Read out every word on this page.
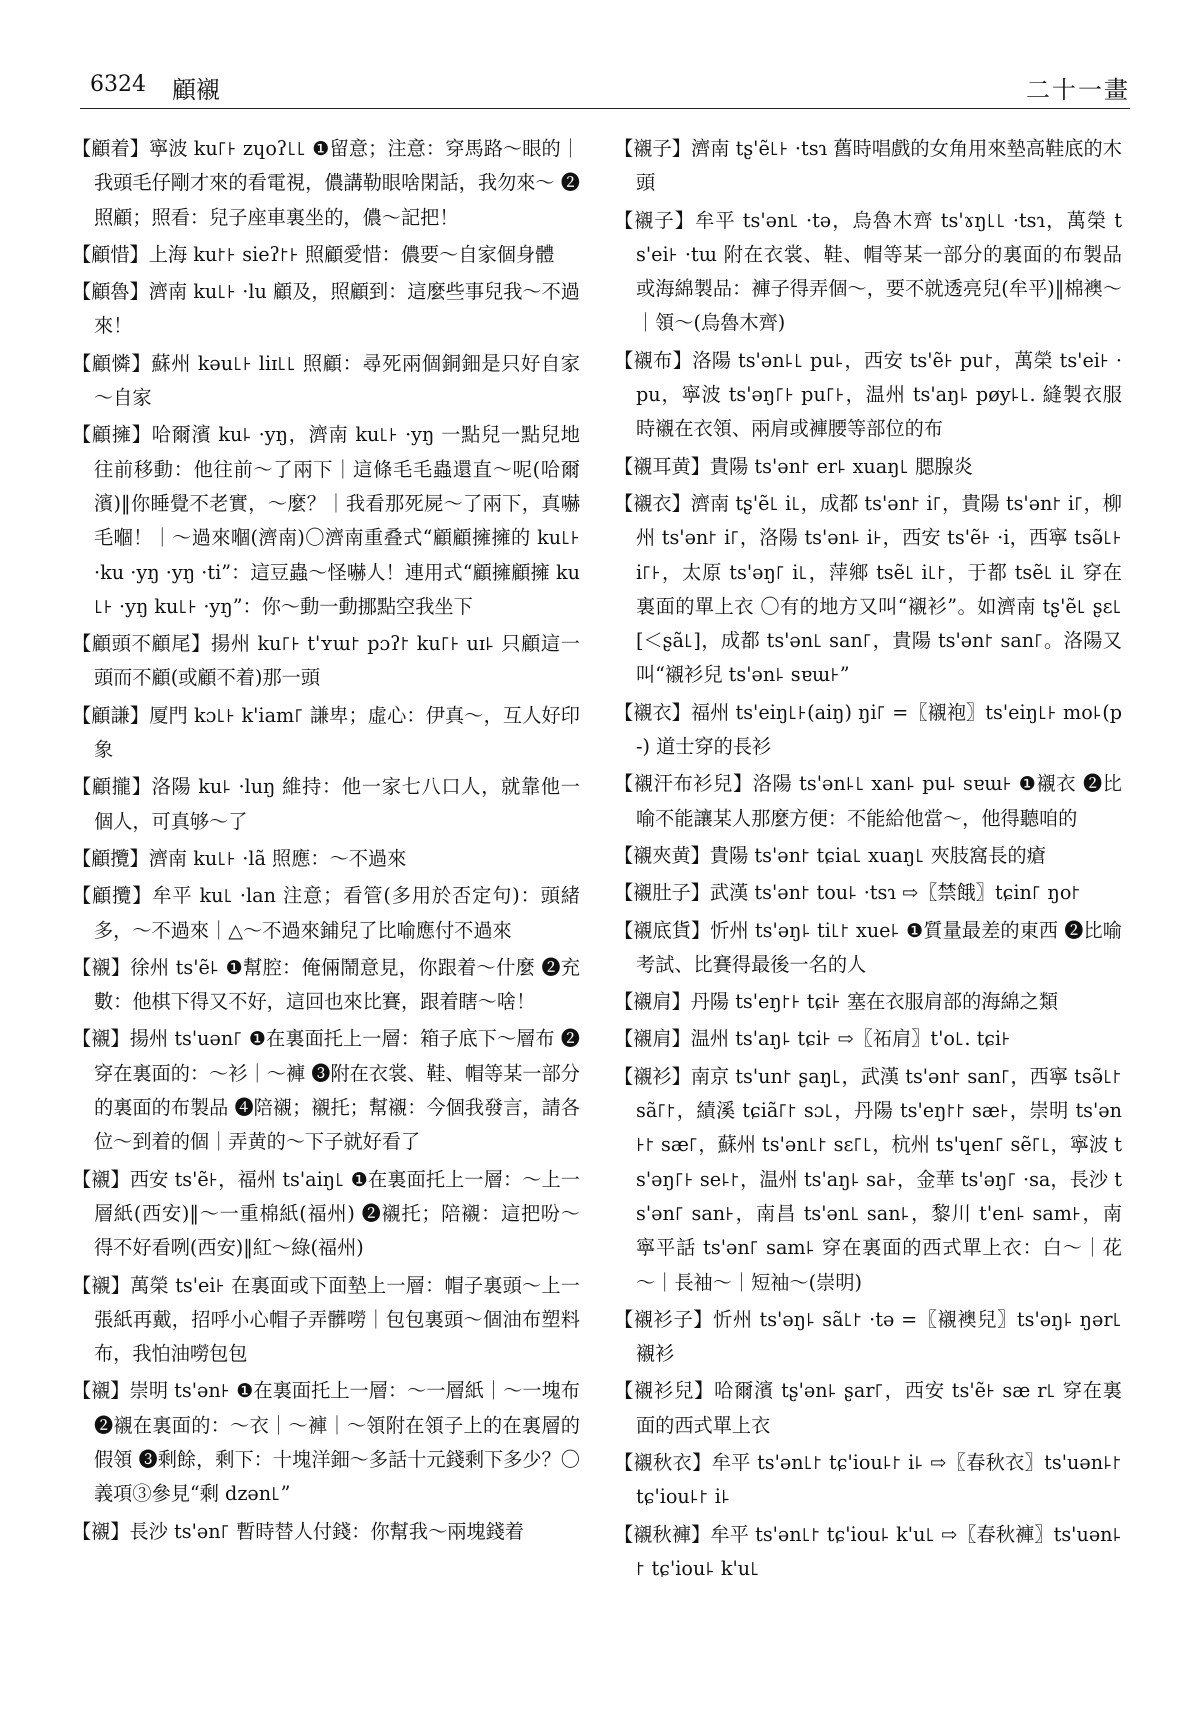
6324 顧襯	二十一畫

【顧着】寧波 ku꜒꜔ zɥoʔ꜖꜖ ❶留意；注意：穿馬路～眼的｜我頭毛仔剛才來的看電視，儂講勒眼啥閑話，我勿來～ ❷照顧；照看：兒子座車裏坐的，儂～記把！

【顧惜】上海 ku꜓꜔ sieʔ꜓꜔ 照顧愛惜：儂要～自家個身體

【顧魯】濟南 ku꜖꜔ ·lu 顧及，照顧到：這麼些事兒我～不過來！

【顧憐】蘇州 kəu꜖꜔ liɪ꜖꜖ 照顧：尋死兩個銅鈿是只好自家～自家

【顧擁】哈爾濱 ku꜕ ·yŋ，濟南 ku꜖꜔ ·yŋ 一點兒一點兒地往前移動：他往前～了兩下｜這條毛毛蟲還直～呢(哈爾濱)‖你睡覺不老實，～麼？｜我看那死屍～了兩下，真嚇毛嗰！｜～過來嗰(濟南)〇濟南重叠式“顧顧擁擁的 ku꜖꜔ ·ku ·yŋ ·yŋ ·ti”：這豆蟲～怪嚇人！連用式“顧擁顧擁 ku꜖꜔ ·yŋ ku꜖꜔ ·yŋ”：你～動一動挪點空我坐下

【顧頭不顧尾】揚州 ku꜒꜔ t'ʏɯ꜓ pɔʔ꜓ ku꜒꜔ uɪ꜕ 只顧這一頭而不顧(或顧不着)那一頭

【顧謙】厦門 kɔ꜖꜔ k'iam꜒ 謙卑；虛心：伊真～，互人好印象

【顧攏】洛陽 ku꜕ ·luŋ 維持：他一家七八口人，就靠他一個人，可真够～了

【顧攬】濟南 ku꜖꜔ ·lã 照應：～不過來

【顧攬】牟平 ku꜖ ·lan 注意；看管(多用於否定句)：頭緒多，～不過來｜△～不過來鋪兒了比喻應付不過來

【襯】徐州 ts'ẽ꜕ ❶幫腔：俺倆鬧意見，你跟着～什麼 ❷充數：他棋下得又不好，這回也來比賽，跟着瞎～啥！

【襯】揚州 ts'uən꜒ ❶在裏面托上一層：箱子底下～層布 ❷穿在裏面的：～衫｜～褲 ❸附在衣裳、鞋、帽等某一部分的裏面的布製品 ❹陪襯；襯托；幫襯：今個我發言，請各位～到着的個｜弄黄的～下子就好看了

【襯】西安 ts'ẽ꜔，福州 ts'aiŋ꜖ ❶在裏面托上一層：～上一層紙(西安)‖～一重棉紙(福州) ❷襯托；陪襯：這把吩～得不好看咧(西安)‖紅～綠(福州)

【襯】萬榮 ts'ei꜔ 在裏面或下面墊上一層：帽子裏頭～上一張紙再戴，招呼小心帽子弄髒嘮｜包包裏頭～個油布塑料布，我怕油嘮包包

【襯】崇明 ts'ən꜔ ❶在裏面托上一層：～一層紙｜～一塊布 ❷襯在裏面的：～衣｜～褲｜～領附在領子上的在裏層的假領 ❸剩餘，剩下：十塊洋鈿～多話十元錢剩下多少？〇義項③參見“剩 dzən꜖”

【襯】長沙 ts'ən꜒ 暫時替人付錢：你幫我～兩塊錢着

【襯子】濟南 tʂ'ẽ꜖꜔ ·tsɿ 舊時唱戲的女角用來墊高鞋底的木頭

【襯子】牟平 ts'ən꜖ ·tə，烏魯木齊 ts'ɤŋ꜖꜖ ·tsɿ，萬榮 ts'ei꜔ ·tɯ 附在衣裳、鞋、帽等某一部分的裏面的布製品或海綿製品：褲子得弄個～，要不就透亮兒(牟平)‖棉襖～｜領～(烏魯木齊)

【襯布】洛陽 ts'ən꜕꜖ pu꜕，西安 ts'ẽ꜔ pu꜓，萬榮 ts'ei꜔ ·pu，寧波 ts'əŋ꜒꜔ pu꜒꜔，温州 ts'aŋ꜕ pøy꜕꜖. 縫製衣服時襯在衣領、兩肩或褲腰等部位的布

【襯耳黄】貴陽 ts'ən꜓ er꜕ xuaŋ꜖ 腮腺炎

【襯衣】濟南 tʂ'ẽ꜖ i꜖，成都 ts'ən꜓ i꜒，貴陽 ts'ən꜓ i꜒，柳州 ts'ən꜓ i꜒，洛陽 ts'ən꜕ i꜔，西安 ts'ẽ꜔ ·i，西寧 tsə̃꜖꜔ i꜒꜔，太原 ts'əŋ꜒ i꜖，萍鄉 tsẽ꜖ i꜖꜓，于都 tsẽ꜖ i꜖ 穿在裏面的單上衣 〇有的地方又叫“襯衫”。如濟南 tʂ'ẽ꜖ ʂɛ꜖[＜ʂã꜖]，成都 ts'ən꜖ san꜒，貴陽 ts'ən꜓ san꜒。洛陽又叫“襯衫兒 ts'ən꜕ sɐɯ꜔”

【襯衣】福州 ts'eiŋ꜖꜔(aiŋ) ŋi꜒ =〖襯袍〗ts'eiŋ꜖꜔ mo꜕(p-) 道士穿的長衫

【襯汗布衫兒】洛陽 ts'ən꜕꜖ xan꜕ pu꜕ sɐɯ꜔ ❶襯衣 ❷比喻不能讓某人那麼方便：不能給他當～，他得聽咱的

【襯夾黄】貴陽 ts'ən꜓ tɕia꜖ xuaŋ꜖ 夾肢窩長的瘡

【襯肚子】武漢 ts'ən꜓ tou꜕ ·tsɿ ⇨〖禁餓〗tɕin꜒ ŋo꜓

【襯底貨】忻州 ts'əŋ꜕ ti꜖꜓ xue꜕ ❶質量最差的東西 ❷比喻考試、比賽得最後一名的人

【襯肩】丹陽 ts'eŋ꜓꜔ tɕi꜔ 塞在衣服肩部的海綿之類

【襯肩】温州 ts'aŋ꜕ tɕi꜔ ⇨〖祏肩〗t'o꜖. tɕi꜔

【襯衫】南京 ts'un꜓ ʂaŋ꜖，武漢 ts'ən꜓ san꜒，西寧 tsə̃꜖꜓ sã꜒꜓，績溪 tɕiã꜒꜓ sɔ꜖，丹陽 ts'eŋ꜓꜓ sæ꜔，崇明 ts'ən꜔꜓ sæ꜒，蘇州 ts'ən꜖꜓ sɛ꜒꜖，杭州 ts'ɥen꜒ sẽ꜒꜖，寧波 ts'əŋ꜒꜔ se꜕꜓，温州 ts'aŋ꜕ sa꜔，金華 ts'əŋ꜒ ·sa，長沙 ts'ən꜒ san꜔，南昌 ts'ən꜖ san꜕，黎川 t'en꜕ sam꜔，南寧平話 ts'ən꜒ sam꜕ 穿在裏面的西式單上衣：白～｜花～｜長袖～｜短袖～(崇明)

【襯衫子】忻州 ts'əŋ꜕ sã꜖꜓ ·tə =〖襯襖兒〗ts'əŋ꜕ ŋər꜖ 襯衫

【襯衫兒】哈爾濱 tʂ'ən꜕ ʂar꜒，西安 ts'ẽ꜔ sæ r꜖ 穿在裏面的西式單上衣

【襯秋衣】牟平 ts'ən꜖꜓ tɕ'iou꜕꜓ i꜕ ⇨〖春秋衣〗ts'uən꜕꜓ tɕ'iou꜕꜓ i꜕

【襯秋褲】牟平 ts'ən꜖꜓ tɕ'iou꜕ k'u꜖ ⇨〖春秋褲〗ts'uən꜕꜓ tɕ'iou꜕ k'u꜖
